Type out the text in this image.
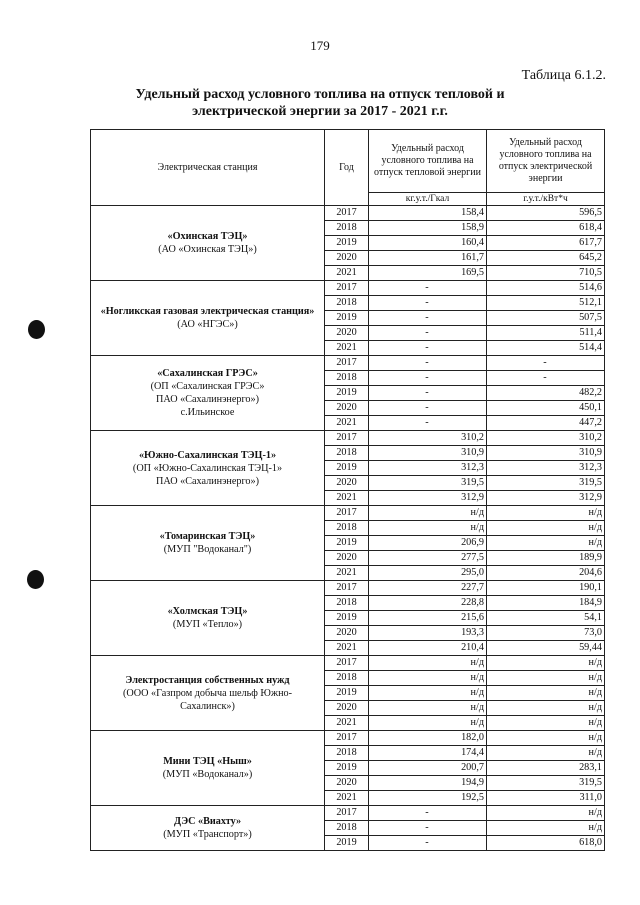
179
Таблица 6.1.2.
Удельный расход условного топлива на отпуск тепловой и
электрической энергии за 2017 - 2021 г.г.
Электрическая станция	Год	Удельный расход условного топлива на отпуск тепловой энергии	Удельный расход условного топлива на отпуск электрической энергии
		кг.у.т./Гкал	г.у.т./кВт*ч

«Охинская ТЭЦ»
(АО «Охинская ТЭЦ»)	2017	158,4	596,5
	2018	158,9	618,4
	2019	160,4	617,7
	2020	161,7	645,2
	2021	169,5	710,5

«Ногликская газовая электрическая станция»
(АО «НГЭС»)	2017	-	514,6
	2018	-	512,1
	2019	-	507,5
	2020	-	511,4
	2021	-	514,4

«Сахалинская ГРЭС»
(ОП «Сахалинская ГРЭС»
ПАО «Сахалинэнерго»)
с.Ильинское	2017	-	-
	2018	-	-
	2019	-	482,2
	2020	-	450,1
	2021	-	447,2

«Южно-Сахалинская ТЭЦ-1»
(ОП «Южно-Сахалинская ТЭЦ-1»
ПАО «Сахалинэнерго»)	2017	310,2	310,2
	2018	310,9	310,9
	2019	312,3	312,3
	2020	319,5	319,5
	2021	312,9	312,9

«Томаринская ТЭЦ»
(МУП "Водоканал")	2017	н/д	н/д
	2018	н/д	н/д
	2019	206,9	н/д
	2020	277,5	189,9
	2021	295,0	204,6

«Холмская ТЭЦ»
(МУП «Тепло»)	2017	227,7	190,1
	2018	228,8	184,9
	2019	215,6	54,1
	2020	193,3	73,0
	2021	210,4	59,44

Электростанция собственных нужд
(ООО «Газпром добыча шельф Южно-
Сахалинск»)	2017	н/д	н/д
	2018	н/д	н/д
	2019	н/д	н/д
	2020	н/д	н/д
	2021	н/д	н/д

Мини ТЭЦ «Ныш»
(МУП «Водоканал»)	2017	182,0	н/д
	2018	174,4	н/д
	2019	200,7	283,1
	2020	194,9	319,5
	2021	192,5	311,0

ДЭС «Виахту»
(МУП «Транспорт»)	2017	-	н/д
	2018	-	н/д
	2019	-	618,0
